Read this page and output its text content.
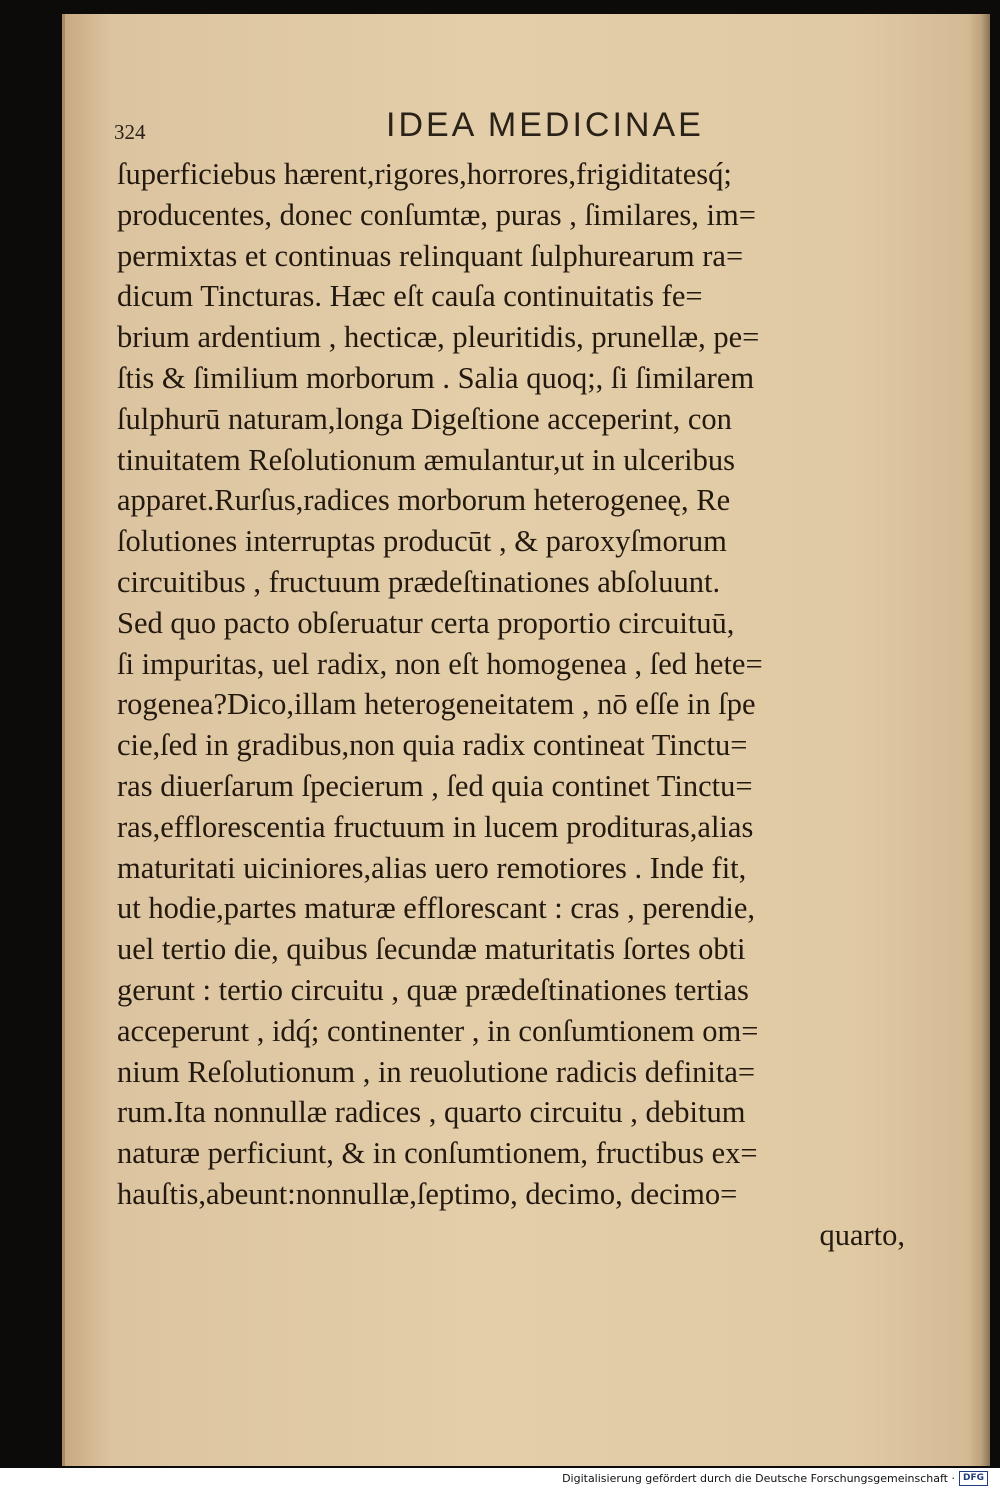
324	IDEA MEDICINAE
ſuperficiebus hærent,rigores,horrores,frigiditatesq́;
producentes, donec conſumtæ, puras , ſimilares, im=
permixtas et continuas relinquant ſulphurearum ra=
dicum Tincturas. Hæc eſt cauſa continuitatis fe=
brium ardentium , hecticæ, pleuritidis, prunellæ, pe=
ſtis & ſimilium morborum . Salia quoq;, ſi ſimilarem
ſulphurū naturam,longa Digeſtione acceperint, con
tinuitatem Reſolutionum æmulantur,ut in ulceribus
apparet.Rurſus,radices morborum heterogeneę, Re
ſolutiones interruptas producūt , & paroxyſmorum
circuitibus , fructuum prædeſtinationes abſoluunt.
Sed quo pacto obſeruatur certa proportio circuituū,
ſi impuritas, uel radix, non eſt homogenea , ſed hete=
rogenea?Dico,illam heterogeneitatem , nō eſſe in ſpe
cie,ſed in gradibus,non quia radix contineat Tinctu=
ras diuerſarum ſpecierum , ſed quia continet Tinctu=
ras,efflorescentia fructuum in lucem prodituras,alias
maturitati uiciniores,alias uero remotiores . Inde fit,
ut hodie,partes maturæ efflorescant : cras , perendie,
uel tertio die, quibus ſecundæ maturitatis ſortes obti
gerunt : tertio circuitu , quæ prædeſtinationes tertias
acceperunt , idq́; continenter , in conſumtionem om=
nium Reſolutionum , in reuolutione radicis definita=
rum.Ita nonnullæ radices , quarto circuitu , debitum
naturæ perficiunt, & in conſumtionem, fructibus ex=
hauſtis,abeunt:nonnullæ,ſeptimo, decimo, decimo=
quarto,
Digitalisierung gefördert durch die Deutsche Forschungsgemeinschaft · DFG
